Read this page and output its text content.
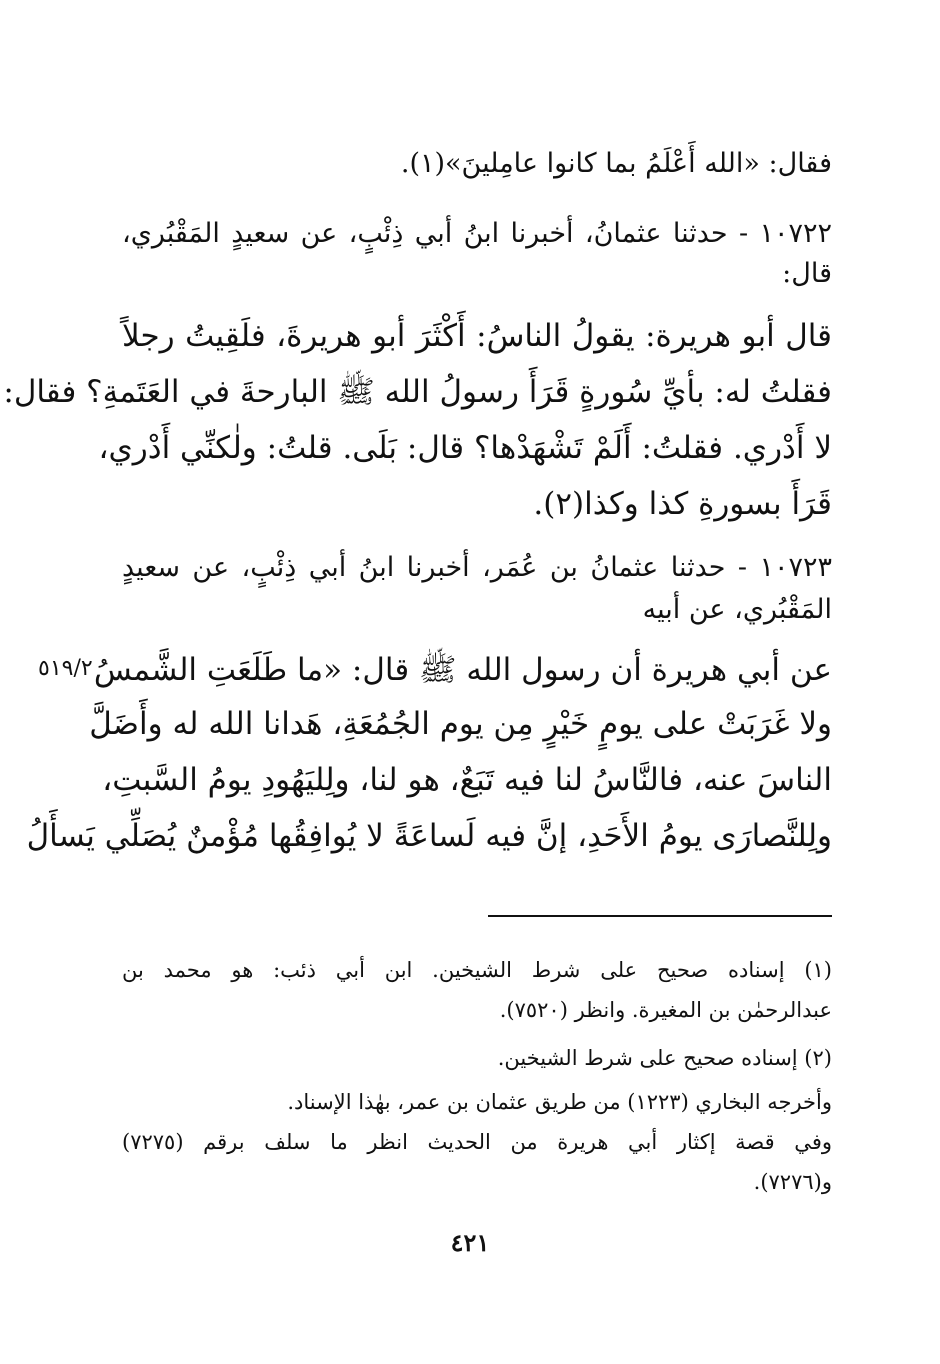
فقال: «الله أَعْلَمُ بما كانوا عامِلينَ»(١).
١٠٧٢٢ - حدثنا عثمانُ، أخبرنا ابنُ أبي ذِئْبٍ، عن سعيدٍ المَقْبُري،
قال:
قال أبو هريرة: يقولُ الناسُ: أَكْثَرَ أبو هريرةَ، فلَقِيتُ رجلاً
فقلتُ له: بأيِّ سُورةٍ قَرَأَ رسولُ الله ﷺ البارحةَ في العَتَمةِ؟ فقال:
لا أَدْري. فقلتُ: أَلَمْ تَشْهَدْها؟ قال: بَلَى. قلتُ: ولٰكنِّي أَدْري،
قَرَأَ بسورةِ كذا وكذا(٢).
١٠٧٢٣ - حدثنا عثمانُ بن عُمَر، أخبرنا ابنُ أبي ذِئْبٍ، عن سعيدٍ
المَقْبُري، عن أبيه
عن أبي هريرة أن رسول الله ﷺ قال: «ما طَلَعَتِ الشَّمسُ
ولا غَرَبَتْ على يومٍ خَيْرٍ مِن يوم الجُمُعَةِ، هَدانا الله له وأَضَلَّ
الناسَ عنه، فالنَّاسُ لنا فيه تَبَعٌ، هو لنا، ولِليَهُودِ يومُ السَّبتِ،
ولِلنَّصارَى يومُ الأَحَدِ، إنَّ فيه لَساعَةً لا يُوافِقُها مُؤْمنٌ يُصَلِّي يَسأَلُ
٥١٩/٢
(١) إسناده صحيح على شرط الشيخين. ابن أبي ذئب: هو محمد بن
عبدالرحمٰن بن المغيرة. وانظر (٧٥٢٠).
(٢) إسناده صحيح على شرط الشيخين.
وأخرجه البخاري (١٢٢٣) من طريق عثمان بن عمر، بهٰذا الإسناد.
وفي قصة إكثار أبي هريرة من الحديث انظر ما سلف برقم (٧٢٧٥)
و(٧٢٧٦).
٤٢١
